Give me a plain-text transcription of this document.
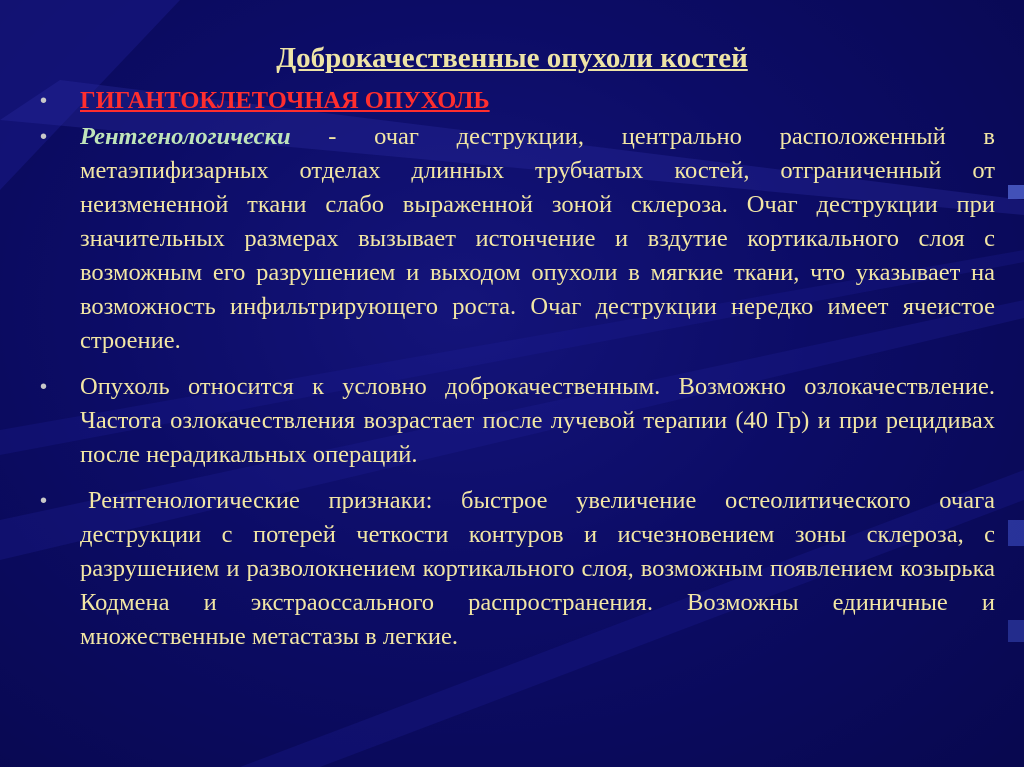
Доброкачественные опухоли костей
• ГИГАНТОКЛЕТОЧНАЯ ОПУХОЛЬ
• Рентгенологически - очаг деструкции, центрально расположенный в метаэпифизарных отделах длинных трубчатых костей, отграниченный от неизмененной ткани слабо выраженной зоной склероза. Очаг деструкции при значительных размерах вызывает истончение и вздутие кортикального слоя с возможным его разрушением и выходом опухоли в мягкие ткани, что указывает на возможность инфильтрирующего роста. Очаг деструкции нередко имеет ячеистое строение.
• Опухоль относится к условно доброкачественным. Возможно озлокачествление. Частота озлокачествления возрастает после лучевой терапии (40 Гр) и при рецидивах после нерадикальных операций.
•	Рентгенологические признаки: быстрое увеличение остеолитического очага деструкции с потерей четкости контуров и исчезновением зоны склероза, с разрушением и разволокнением кортикального слоя, возможным появлением козырька Кодмена и экстраоссального распространения. Возможны единичные и множественные метастазы в легкие.
